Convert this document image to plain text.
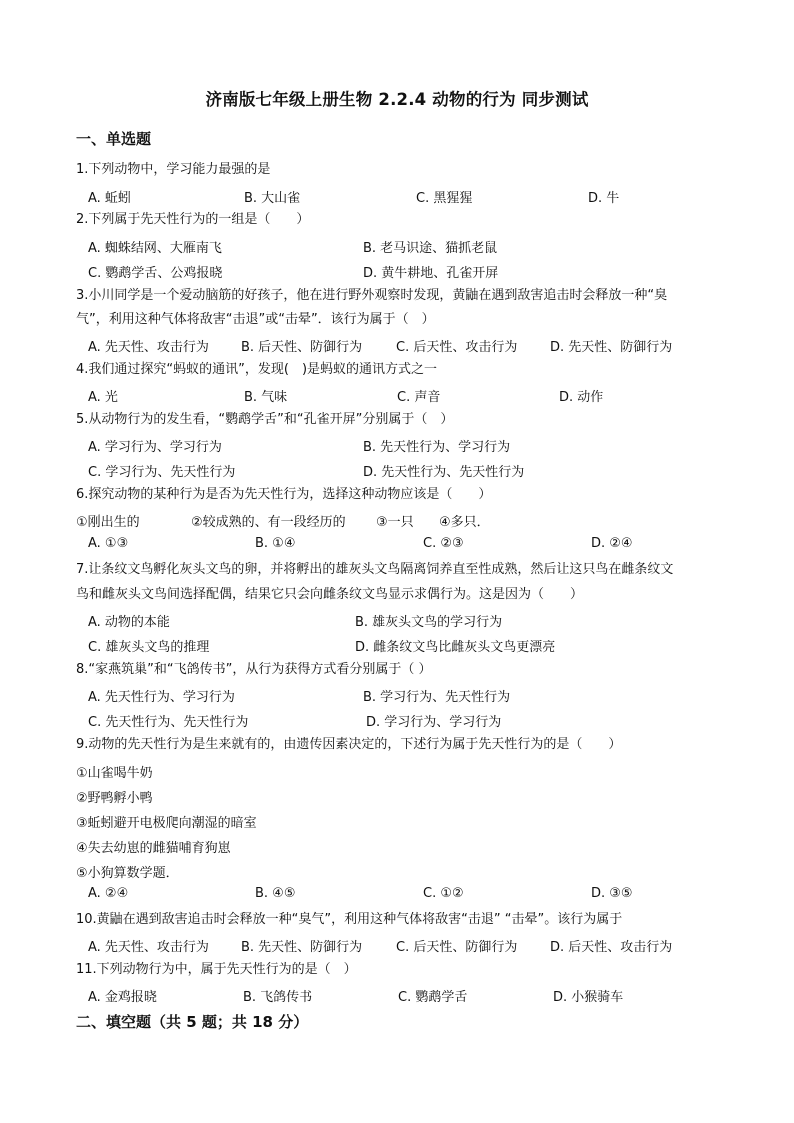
济南版七年级上册生物 2.2.4 动物的行为 同步测试
一、单选题
1.下列动物中，学习能力最强的是
A. 蚯蚓	B. 大山雀	C. 黑猩猩	D. 牛
2.下列属于先天性行为的一组是（　　）
A. 蜘蛛结网、大雁南飞	B. 老马识途、猫抓老鼠
C. 鹦鹉学舌、公鸡报晓	D. 黄牛耕地、孔雀开屏
3.小川同学是一个爱动脑筋的好孩子，他在进行野外观察时发现，黄鼬在遇到敌害追击时会释放一种“臭
气”，利用这种气体将敌害“击退”或“击晕”．该行为属于（　）
A. 先天性、攻击行为 B. 后天性、防御行为	C. 后天性、攻击行为	D. 先天性、防御行为
4.我们通过探究“蚂蚁的通讯”，发现(　)是蚂蚁的通讯方式之一
A. 光	B. 气味	C. 声音	D. 动作
5.从动物行为的发生看，“鹦鹉学舌”和“孔雀开屏”分别属于（　）
A. 学习行为、学习行为	B. 先天性行为、学习行为
C. 学习行为、先天性行为	D. 先天性行为、先天性行为
6.探究动物的某种行为是否为先天性行为，选择这种动物应该是（　　）
①刚出生的	②较成熟的、有一段经历的 ③一只 ④多只．
A. ①③	B. ①④	C. ②③	D. ②④
7.让条纹文鸟孵化灰头文鸟的卵，并将孵出的雄灰头文鸟隔离饲养直至性成熟，然后让这只鸟在雌条纹文
鸟和雌灰头文鸟间选择配偶，结果它只会向雌条纹文鸟显示求偶行为。这是因为（　　）
A. 动物的本能	B. 雄灰头文鸟的学习行为
C. 雄灰头文鸟的推理	D. 雌条纹文鸟比雌灰头文鸟更漂亮
8.“家燕筑巢”和“飞鸽传书”，从行为获得方式看分别属于（ ）
A. 先天性行为、学习行为	B. 学习行为、先天性行为
C. 先天性行为、先天性行为	D. 学习行为、学习行为
9.动物的先天性行为是生来就有的，由遗传因素决定的，下述行为属于先天性行为的是（　　）
①山雀喝牛奶
②野鸭孵小鸭
③蚯蚓避开电极爬向潮湿的暗室
④失去幼崽的雌猫哺育狗崽
⑤小狗算数学题．
A. ②④	B. ④⑤	C. ①②	D. ③⑤
10.黄鼬在遇到敌害追击时会释放一种“臭气”，利用这种气体将敌害“击退” “击晕”。该行为属于
A. 先天性、攻击行为 B. 先天性、防御行为	C. 后天性、防御行为	D. 后天性、攻击行为
11.下列动物行为中，属于先天性行为的是（　）
A. 金鸡报晓	B. 飞鸽传书	C. 鹦鹉学舌	D. 小猴骑车
二、填空题（共 5 题；共 18 分）
